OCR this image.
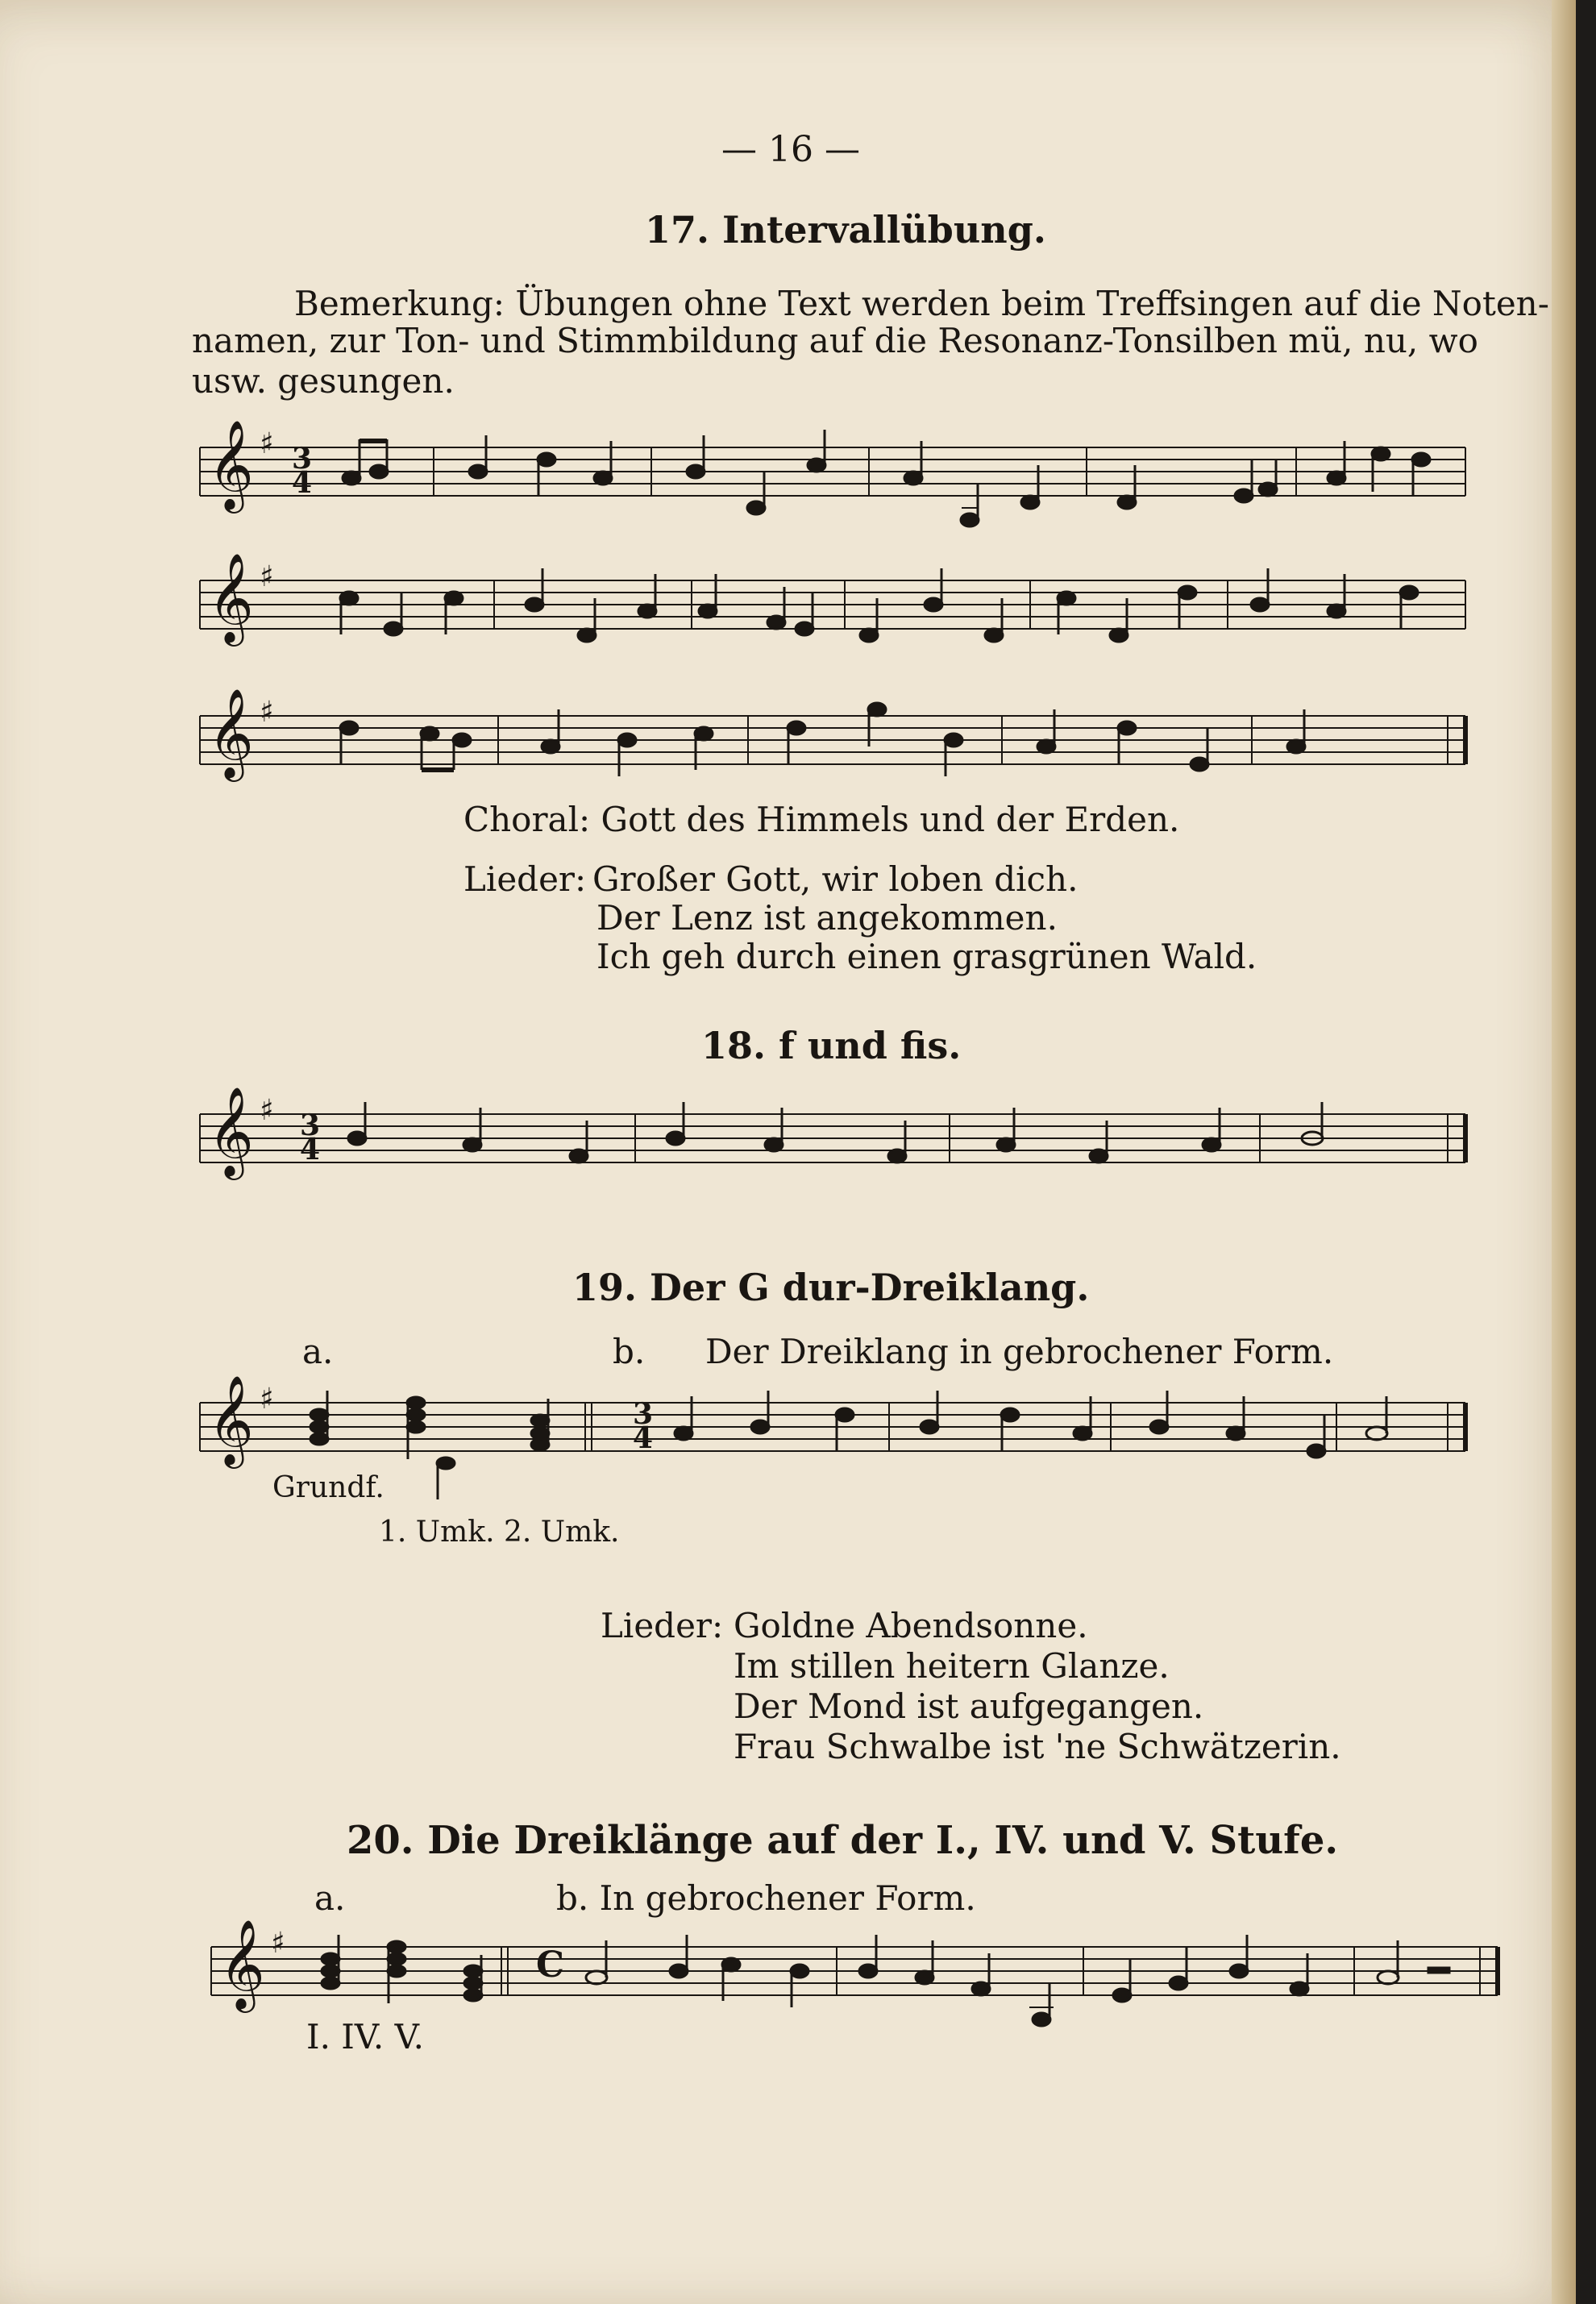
— 16 —
17. Intervallübung.
Bemerkung: Übungen ohne Text werden beim Treffsingen auf die Noten-
namen, zur Ton- und Stimmbildung auf die Resonanz-Tonsilben mü, nu, wo
usw. gesungen.
𝄞 ♯ 3
4
𝄞 ♯
𝄞 ♯
Choral: Gott des Himmels und der Erden.
Lieder: Großer Gott, wir loben dich.
Der Lenz ist angekommen.
Ich geh durch einen grasgrünen Wald.
18. f und fis.
𝄞 ♯ 3
4
19. Der G dur-Dreiklang.
a.	b. Der Dreiklang in gebrochener Form.
𝄞 ♯	3
4
Grundf.
1. Umk. 2. Umk.
Lieder: Goldne Abendsonne.
Im stillen heitern Glanze.
Der Mond ist aufgegangen.
Frau Schwalbe ist 'ne Schwätzerin.
20. Die Dreiklänge auf der I., IV. und V. Stufe.
a.	b. In gebrochener Form.
𝄞 ♯
C
I. IV. V.
